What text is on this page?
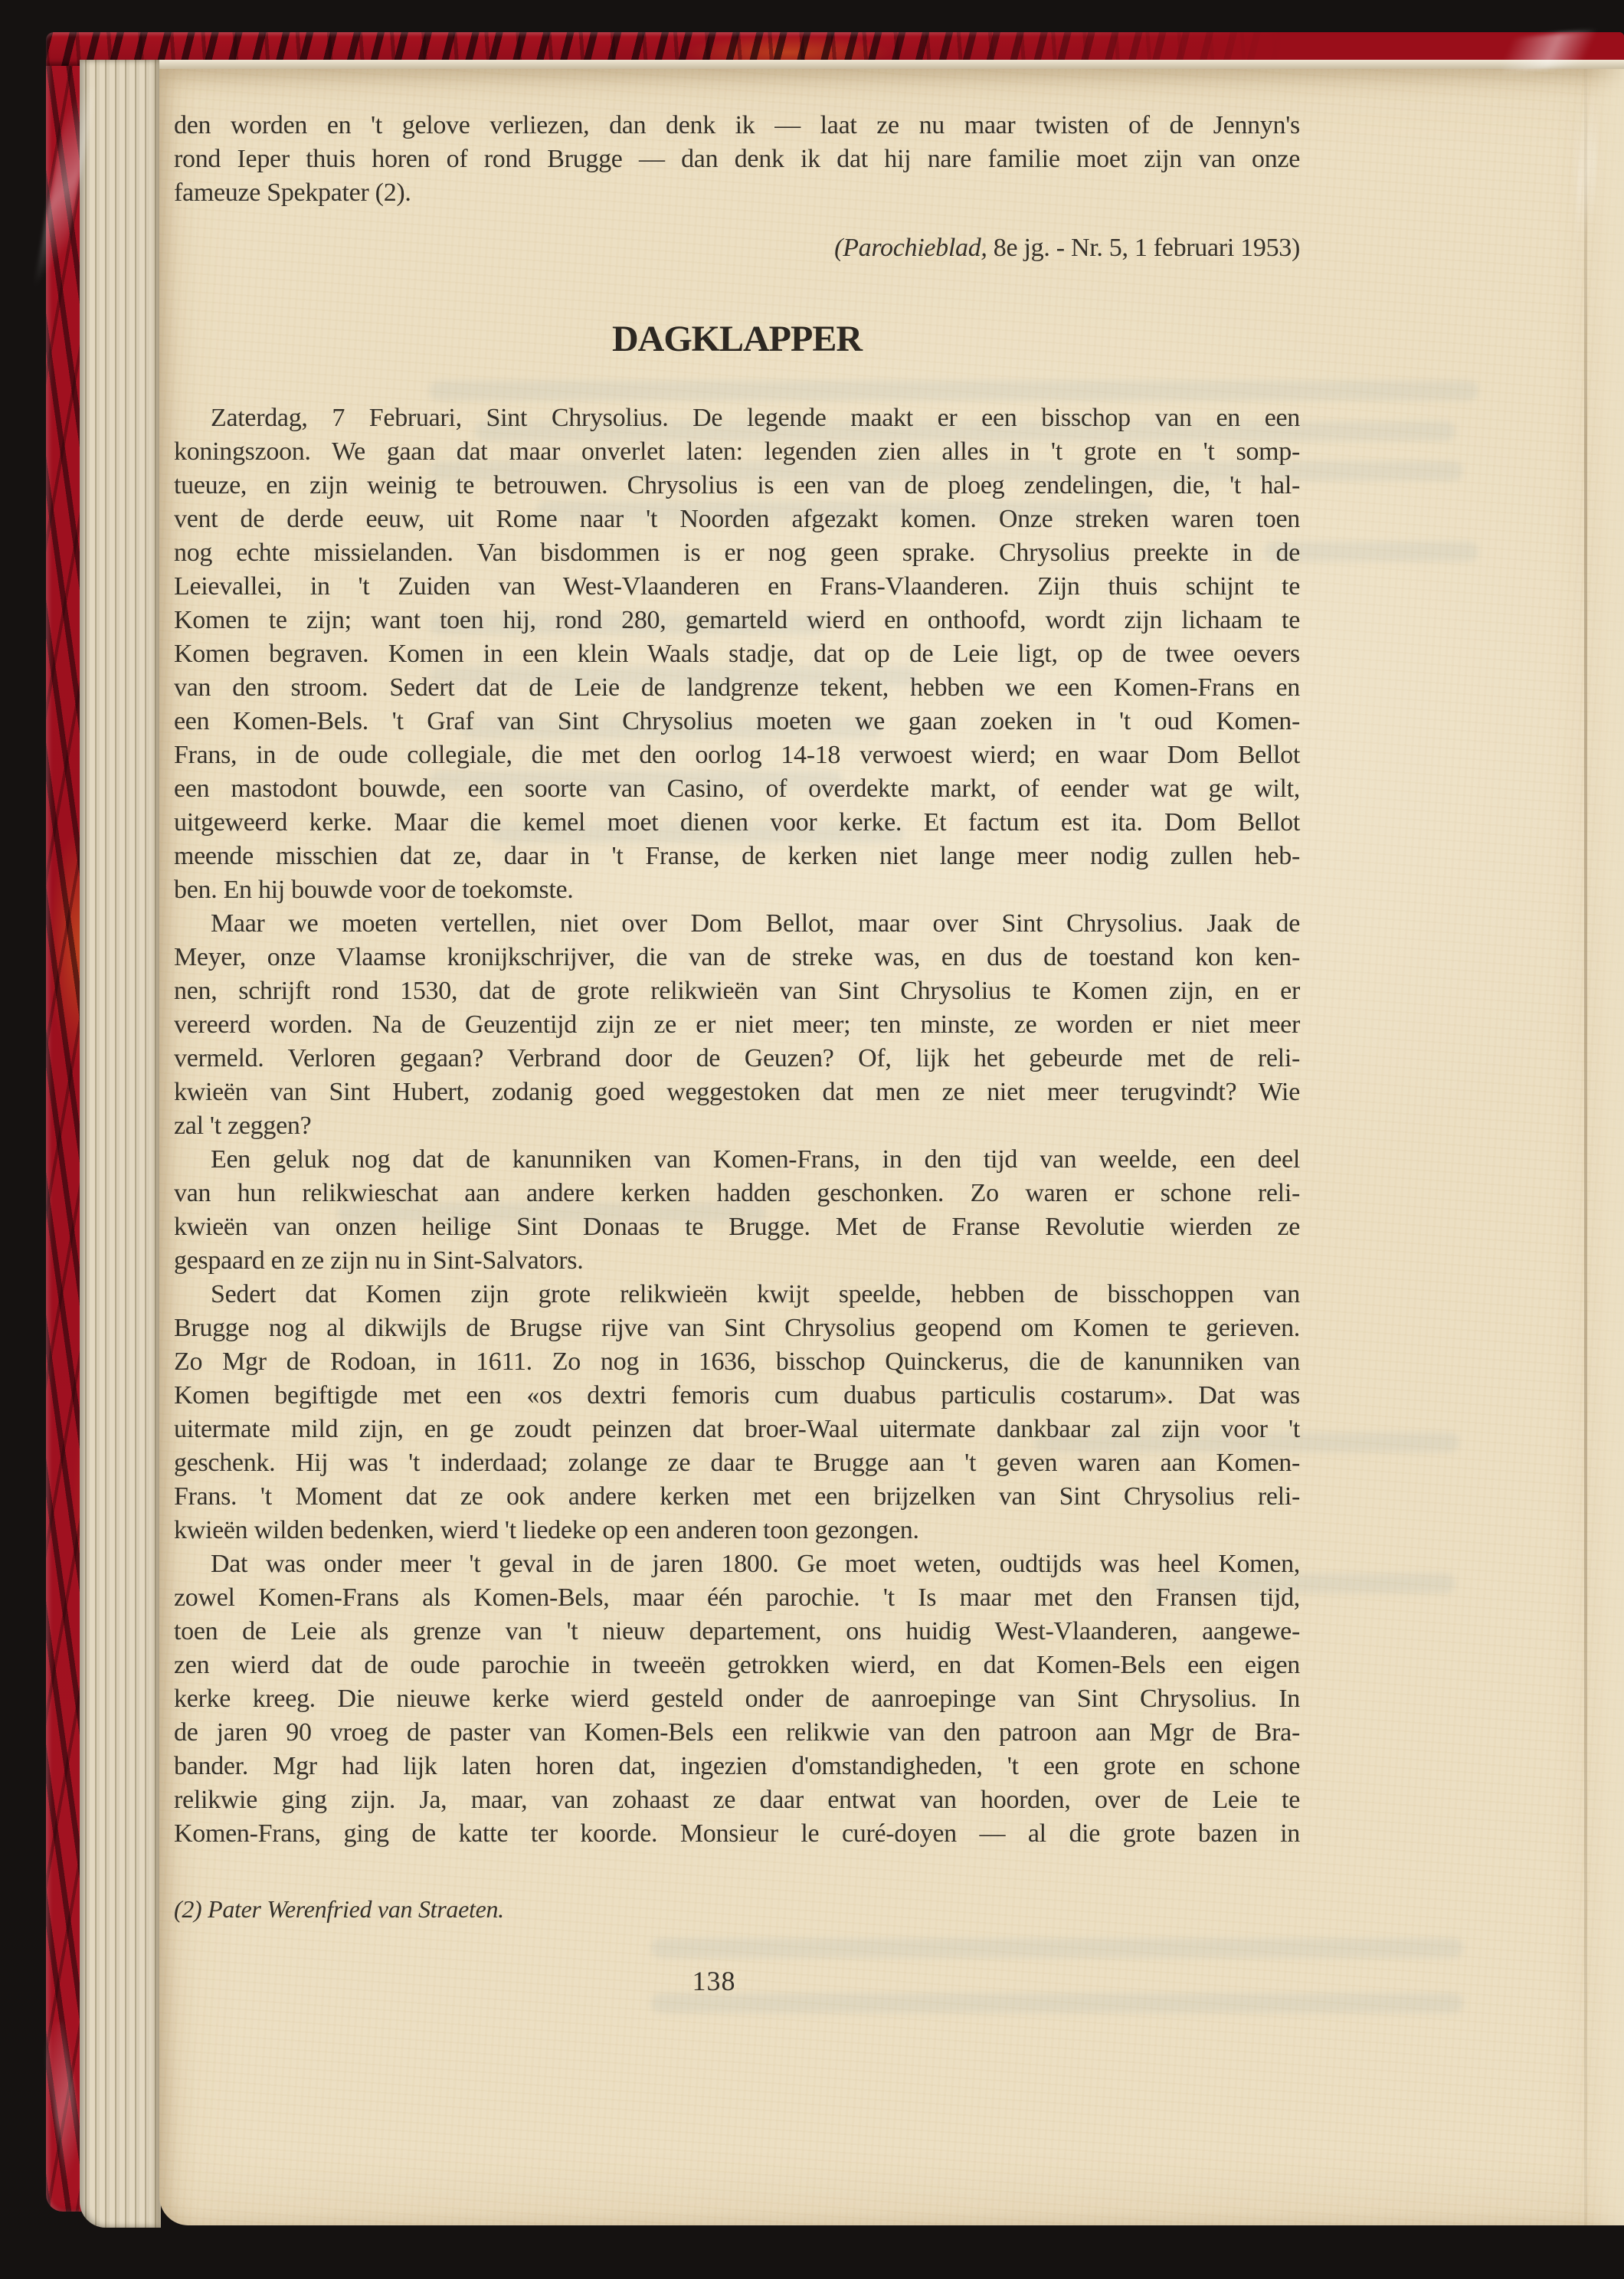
den worden en 't gelove verliezen, dan denk ik — laat ze nu maar twisten of de Jennyn's
rond Ieper thuis horen of rond Brugge — dan denk ik dat hij nare familie moet zijn van onze
fameuze Spekpater (2).
(Parochieblad, 8e jg. - Nr. 5, 1 februari 1953)
DAGKLAPPER
Zaterdag, 7 Februari, Sint Chrysolius. De legende maakt er een bisschop van en een
koningszoon. We gaan dat maar onverlet laten: legenden zien alles in 't grote en 't somp-
tueuze, en zijn weinig te betrouwen. Chrysolius is een van de ploeg zendelingen, die, 't hal-
vent de derde eeuw, uit Rome naar 't Noorden afgezakt komen. Onze streken waren toen
nog echte missielanden. Van bisdommen is er nog geen sprake. Chrysolius preekte in de
Leievallei, in 't Zuiden van West-Vlaanderen en Frans-Vlaanderen. Zijn thuis schijnt te
Komen te zijn; want toen hij, rond 280, gemarteld wierd en onthoofd, wordt zijn lichaam te
Komen begraven. Komen in een klein Waals stadje, dat op de Leie ligt, op de twee oevers
van den stroom. Sedert dat de Leie de landgrenze tekent, hebben we een Komen-Frans en
een Komen-Bels. 't Graf van Sint Chrysolius moeten we gaan zoeken in 't oud Komen-
Frans, in de oude collegiale, die met den oorlog 14-18 verwoest wierd; en waar Dom Bellot
een mastodont bouwde, een soorte van Casino, of overdekte markt, of eender wat ge wilt,
uitgeweerd kerke. Maar die kemel moet dienen voor kerke. Et factum est ita. Dom Bellot
meende misschien dat ze, daar in 't Franse, de kerken niet lange meer nodig zullen heb-
ben. En hij bouwde voor de toekomste.
Maar we moeten vertellen, niet over Dom Bellot, maar over Sint Chrysolius. Jaak de
Meyer, onze Vlaamse kronijkschrijver, die van de streke was, en dus de toestand kon ken-
nen, schrijft rond 1530, dat de grote relikwieën van Sint Chrysolius te Komen zijn, en er
vereerd worden. Na de Geuzentijd zijn ze er niet meer; ten minste, ze worden er niet meer
vermeld. Verloren gegaan? Verbrand door de Geuzen? Of, lijk het gebeurde met de reli-
kwieën van Sint Hubert, zodanig goed weggestoken dat men ze niet meer terugvindt? Wie
zal 't zeggen?
Een geluk nog dat de kanunniken van Komen-Frans, in den tijd van weelde, een deel
van hun relikwieschat aan andere kerken hadden geschonken. Zo waren er schone reli-
kwieën van onzen heilige Sint Donaas te Brugge. Met de Franse Revolutie wierden ze
gespaard en ze zijn nu in Sint-Salvators.
Sedert dat Komen zijn grote relikwieën kwijt speelde, hebben de bisschoppen van
Brugge nog al dikwijls de Brugse rijve van Sint Chrysolius geopend om Komen te gerieven.
Zo Mgr de Rodoan, in 1611. Zo nog in 1636, bisschop Quinckerus, die de kanunniken van
Komen begiftigde met een «os dextri femoris cum duabus particulis costarum». Dat was
uitermate mild zijn, en ge zoudt peinzen dat broer-Waal uitermate dankbaar zal zijn voor 't
geschenk. Hij was 't inderdaad; zolange ze daar te Brugge aan 't geven waren aan Komen-
Frans. 't Moment dat ze ook andere kerken met een brijzelken van Sint Chrysolius reli-
kwieën wilden bedenken, wierd 't liedeke op een anderen toon gezongen.
Dat was onder meer 't geval in de jaren 1800. Ge moet weten, oudtijds was heel Komen,
zowel Komen-Frans als Komen-Bels, maar één parochie. 't Is maar met den Fransen tijd,
toen de Leie als grenze van 't nieuw departement, ons huidig West-Vlaanderen, aangewe-
zen wierd dat de oude parochie in tweeën getrokken wierd, en dat Komen-Bels een eigen
kerke kreeg. Die nieuwe kerke wierd gesteld onder de aanroepinge van Sint Chrysolius. In
de jaren 90 vroeg de paster van Komen-Bels een relikwie van den patroon aan Mgr de Bra-
bander. Mgr had lijk laten horen dat, ingezien d'omstandigheden, 't een grote en schone
relikwie ging zijn. Ja, maar, van zohaast ze daar entwat van hoorden, over de Leie te
Komen-Frans, ging de katte ter koorde. Monsieur le curé-doyen — al die grote bazen in
(2) Pater Werenfried van Straeten.
138
